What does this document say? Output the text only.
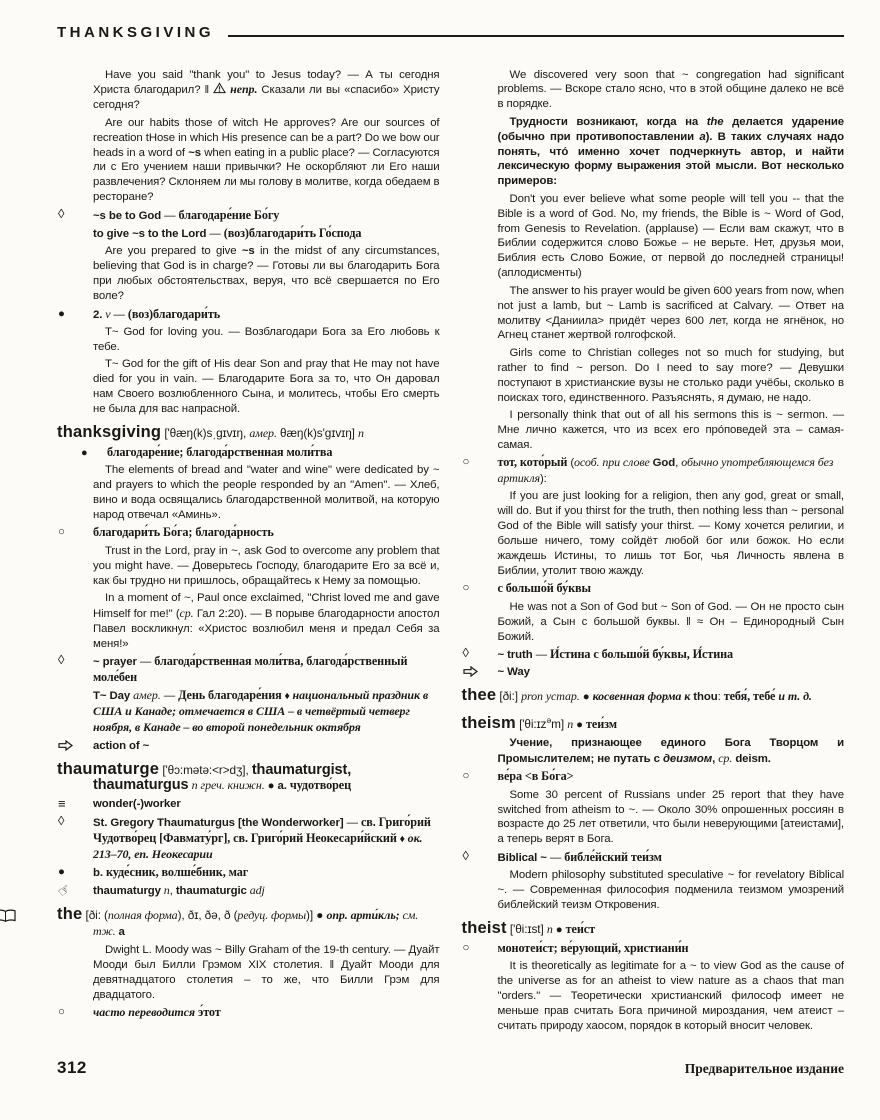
THANKSGIVING
Have you said "thank you" to Jesus today? — А ты сегодня Христа благодарил? ‖  непр. Сказали ли вы «спасибо» Христу сегодня?
Are our habits those of witch He approves? Are our sources of recreation tHose in which His presence can be a part? Do we bow our heads in a word of ~s when eating in a public place? — Согласуются ли с Его учением наши привычки? Не оскорбляют ли Его наши развлечения? Склоняем ли мы голову в молитве, когда обедаем в ресторане?
◊	~s be to God — благодаре́ние Бо́гу
to give ~s to the Lord — (воз)благодари́ть Го́спода
Are you prepared to give ~s in the midst of any circumstances, believing that God is in charge? — Готовы ли вы благодарить Бога при любых обстоятельствах, веруя, что всё свершается по Его воле?
● 2. v — (воз)благодари́ть
T~ God for loving you. — Возблагодари Бога за Его любовь к тебе.
T~ God for the gift of His dear Son and pray that He may not have died for you in vain. — Благодарите Бога за то, что Он даровал нам Своего возлюбленного Сына, и молитесь, чтобы Его смерть не была для вас напрасной.
thanksgiving ['θæŋ(k)sˌgɪvɪŋ, амер. θæŋ(k)s'gɪvɪŋ] n
● благодаре́ние; благода́рственная моли́тва
The elements of bread and "water and wine" were dedicated by ~ and prayers to which the people responded by an "Amen". — Хлеб, вино и вода освящались благодарственной молитвой, на которую народ отвечал «Аминь».
○ благодари́ть Бо́га; благода́рность
Trust in the Lord, pray in ~, ask God to overcome any problem that you might have. — Доверьтесь Господу, благодарите Его за всё и, как бы трудно ни пришлось, обращайтесь к Нему за помощью.
In a moment of ~, Paul once exclaimed, "Christ loved me and gave Himself for me!" (ср. Гал 2:20). — В порыве благодарности апостол Павел воскликнул: «Христос возлюбил меня и предал Себя за меня!»
◊	~ prayer — благода́рственная моли́тва, благода́рственный моле́бен
T~ Day амер. — День благодаре́ния ♦ национальный праздник в США и Канаде; отмечается в США – в четвёртый четверг ноября, в Канаде – во второй понедельник октября
action of ~
thaumaturge ['θɔ:mətə:<r>dʒ], thaumaturgist, thaumaturgus n греч. книжн. ● a. чудотво́рец
≡ wonder(-)worker
◊	St. Gregory Thaumaturgus [the Wonderworker] — св. Григо́рий Чудотво́рец [Фавмату́рг], св. Григо́рий Неокесари́йский ♦ ок. 213–70, еп. Неокесарии
● b. куде́сник, волше́бник, маг
☞ thaumaturgy n, thaumaturgic adj
the [ði: (полная форма), ðɪ, ðə, ð (редуц. формы)] ● опр. арти́кль; см. тж. a
Dwight L. Moody was ~ Billy Graham of the 19-th century. — Дуайт Мооди был Билли Грэмом XIX столетия. ‖ Дуайт Мооди для девятнадцатого столетия – то же, что Билли Грэм для двадцатого.
○ часто переводится э́тот
We discovered very soon that ~ congregation had significant problems. — Вскоре стало ясно, что в этой общине далеко не всё в порядке.
Трудности возникают, когда на the делается ударение (обычно при противопоставлении a). В таких случаях надо понять, что́ именно хочет подчеркнуть автор, и найти лексическую форму выражения этой мысли. Вот несколько примеров:
Don't you ever believe what some people will tell you -- that the Bible is a word of God. No, my friends, the Bible is ~ Word of God, from Genesis to Revelation. (applause) — Если вам скажут, что в Библии содержится слово Божье – не верьте. Нет, друзья мои, Библия есть Слово Божие, от первой до последней страницы! (аплодисменты)
The answer to his prayer would be given 600 years from now, when not just a lamb, but ~ Lamb is sacrificed at Calvary. — Ответ на молитву <Даниила> придёт через 600 лет, когда не ягнёнок, но Агнец станет жертвой голгофской.
Girls come to Christian colleges not so much for studying, but rather to find ~ person. Do I need to say more? — Девушки поступают в христианские вузы не столько ради учёбы, сколько в поисках того, единственного. Разъяснять, я думаю, не надо.
I personally think that out of all his sermons this is ~ sermon. — Мне лично кажется, что из всех его про́поведей эта – самая-самая.
○ тот, кото́рый (особ. при слове God, обычно употребляющемся без артикля):
If you are just looking for a religion, then any god, great or small, will do. But if you thirst for the truth, then nothing less than ~ personal God of the Bible will satisfy your thirst. — Кому хочется религии, и больше ничего, тому сойдёт любой бог или божок. Но если жаждешь Истины, то лишь тот Бог, чья Личность явлена в Библии, утолит твою жажду.
○ с большо́й бу́квы
He was not a Son of God but ~ Son of God. — Он не просто сын Божий, а Сын с большой буквы. ‖ ≈ Он – Единородный Сын Божий.
◊	~ truth — И́стина с большо́й бу́квы, И́стина
~ Way
thee [ði:] pron устар. ● косвенная форма к thou: тебя́, тебе́ и т. д.
theism ['θi:ɪz$^ə$m] n ● теи́зм
Учение, признающее единого Бога Творцом и Промыслителем; не путать с деизмом, ср. deism.
○ ве́ра <в Бо́га>
Some 30 percent of Russians under 25 report that they have switched from atheism to ~. — Около 30% опрошенных россиян в возрасте до 25 лет ответили, что были неверующими [атеистами], а теперь верят в Бога.
◊	Biblical ~ — библе́йский теи́зм
Modern philosophy substituted speculative ~ for revelatory Biblical ~. — Современная философия подменила теизмом умозрений библейский теизм Откровения.
theist ['θi:ɪst] n ● теи́ст
○ монотеи́ст; ве́рующий, христиани́н
It is theoretically as legitimate for a ~ to view God as the cause of the universe as for an atheist to view nature as a chaos that man "orders." — Теоретически христианский философ имеет не меньше прав считать Бога причиной мироздания, чем атеист – считать природу хаосом, порядок в который вносит человек.
312	Предварительное издание
